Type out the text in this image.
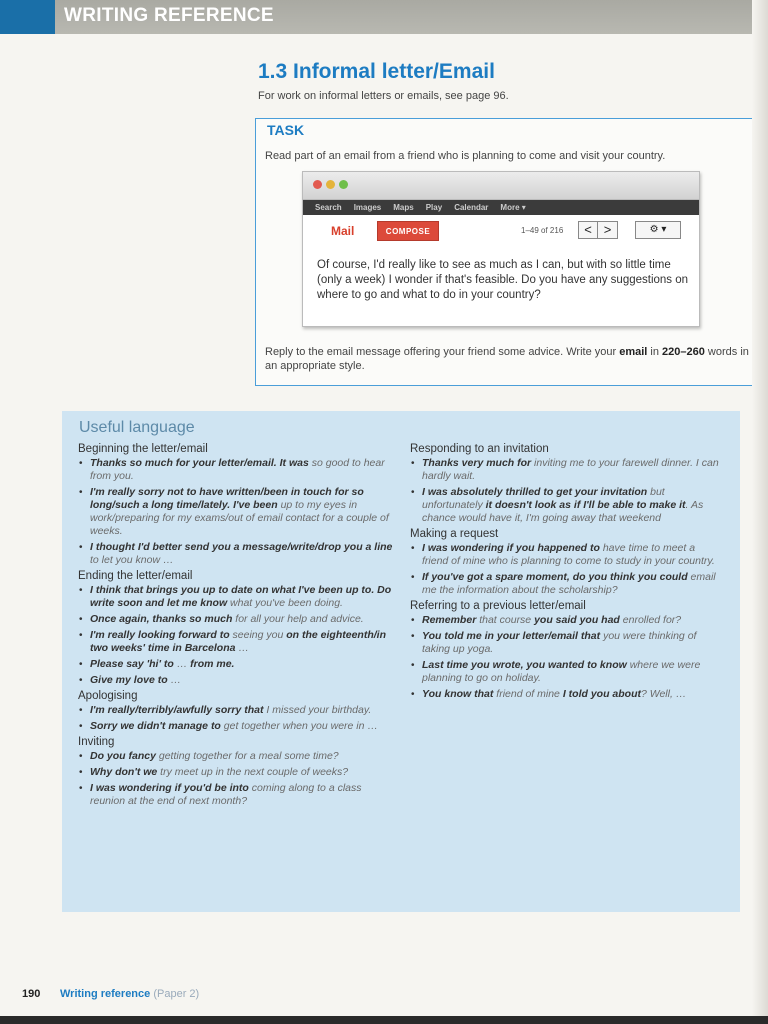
WRITING REFERENCE
1.3 Informal letter/Email
For work on informal letters or emails, see page 96.
TASK
Read part of an email from a friend who is planning to come and visit your country.
Search Images Maps Play Calendar More ▾
Mail	COMPOSE	1–49 of 216	< >	⚙ ▾
Of course, I'd really like to see as much as I can, but with so little time (only a week) I wonder if that's feasible. Do you have any suggestions on where to go and what to do in your country?
Reply to the email message offering your friend some advice. Write your email in 220–260 words in an appropriate style.
Useful language
Beginning the letter/email
• Thanks so much for your letter/email. It was so good to hear from you.
• I'm really sorry not to have written/been in touch for so long/such a long time/lately. I've been up to my eyes in work/preparing for my exams/out of email contact for a couple of weeks.
• I thought I'd better send you a message/write/drop you a line to let you know …
Ending the letter/email
• I think that brings you up to date on what I've been up to. Do write soon and let me know what you've been doing.
• Once again, thanks so much for all your help and advice.
• I'm really looking forward to seeing you on the eighteenth/in two weeks' time in Barcelona …
• Please say 'hi' to … from me.
• Give my love to …
Apologising
• I'm really/terribly/awfully sorry that I missed your birthday.
• Sorry we didn't manage to get together when you were in …
Inviting
• Do you fancy getting together for a meal some time?
• Why don't we try meet up in the next couple of weeks?
• I was wondering if you'd be into coming along to a class reunion at the end of next month?
Responding to an invitation
• Thanks very much for inviting me to your farewell dinner. I can hardly wait.
• I was absolutely thrilled to get your invitation but unfortunately it doesn't look as if I'll be able to make it. As chance would have it, I'm going away that weekend
Making a request
• I was wondering if you happened to have time to meet a friend of mine who is planning to come to study in your country.
• If you've got a spare moment, do you think you could email me the information about the scholarship?
Referring to a previous letter/email
• Remember that course you said you had enrolled for?
• You told me in your letter/email that you were thinking of taking up yoga.
• Last time you wrote, you wanted to know where we were planning to go on holiday.
• You know that friend of mine I told you about? Well, …
190 Writing reference (Paper 2)
